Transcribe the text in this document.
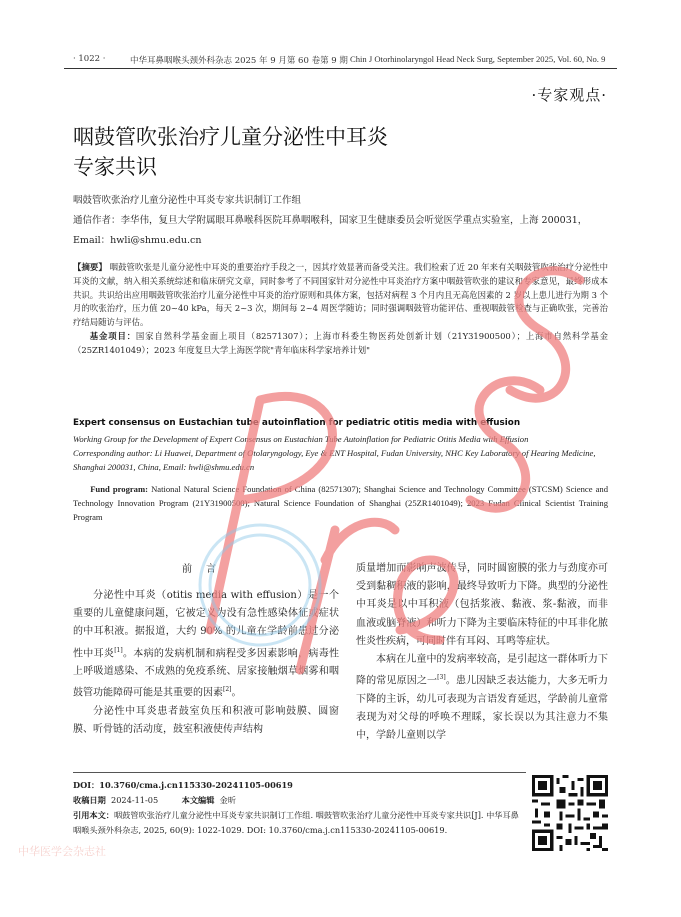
· 1022 ·	中华耳鼻咽喉头颈外科杂志 2025 年 9 月第 60 卷第 9 期 Chin J Otorhinolaryngol Head Neck Surg, September 2025, Vol. 60, No. 9
·专家观点·
咽鼓管吹张治疗儿童分泌性中耳炎
专家共识
咽鼓管吹张治疗儿童分泌性中耳炎专家共识制订工作组
通信作者：李华伟，复旦大学附属眼耳鼻喉科医院耳鼻咽喉科，国家卫生健康委员会听觉医学重点实验室，上海 200031，Email：hwli@shmu.edu.cn
【摘要】 咽鼓管吹张是儿童分泌性中耳炎的重要治疗手段之一，因其疗效显著而备受关注。我们检索了近 20 年来有关咽鼓管吹张治疗分泌性中耳炎的文献，纳入相关系统综述和临床研究文章，同时参考了不同国家针对分泌性中耳炎治疗方案中咽鼓管吹张的建议和专家意见，最终形成本共识。共识给出应用咽鼓管吹张治疗儿童分泌性中耳炎的治疗原则和具体方案，包括对病程 3 个月内且无高危因素的 2 岁以上患儿进行为期 3 个月的吹张治疗，压力值 20~40 kPa，每天 2~3 次，期间每 2~4 周医学随访；同时强调咽鼓管功能评估、重视咽鼓管检查与正确吹张，完善治疗结局随访与评估。
基金项目：国家自然科学基金面上项目（82571307）；上海市科委生物医药处创新计划（21Y31900500）；上海市自然科学基金（25ZR1401049）；2023 年度复旦大学上海医学院"青年临床科学家培养计划"
Expert consensus on Eustachian tube autoinflation for pediatric otitis media with effusion
Working Group for the Development of Expert Consensus on Eustachian Tube Autoinflation for Pediatric Otitis Media with Effusion
Corresponding author: Li Huawei, Department of Otolaryngology, Eye & ENT Hospital, Fudan University, NHC Key Laboratory of Hearing Medicine, Shanghai 200031, China, Email: hwli@shmu.edu.cn
Fund program: National Natural Science Foundation of China (82571307); Shanghai Science and Technology Committee (STCSM) Science and Technology Innovation Program (21Y31900500); Natural Science Foundation of Shanghai (25ZR1401049); 2023 Fudan Clinical Scientist Training Program
前言

分泌性中耳炎（otitis media with effusion）是一个重要的儿童健康问题，它被定义为没有急性感染体征或症状的中耳积液。据报道，大约 90% 的儿童在学龄前患过分泌性中耳炎[1]。本病的发病机制和病程受多因素影响，病毒性上呼吸道感染、不成熟的免疫系统、居家接触烟草烟雾和咽鼓管功能障碍可能是其重要的因素[2]。

分泌性中耳炎患者鼓室负压和积液可影响鼓膜、圆窗膜、听骨链的活动度，鼓室积液使传声结构

质量增加而影响声波传导，同时圆窗膜的张力与劲度亦可受到黏稠积液的影响，最终导致听力下降。典型的分泌性中耳炎是以中耳积液（包括浆液、黏液、浆-黏液，而非血液或脑脊液）和听力下降为主要临床特征的中耳非化脓性炎性疾病，可同时伴有耳闷、耳鸣等症状。

本病在儿童中的发病率较高，是引起这一群体听力下降的常见原因之一[3]。患儿因缺乏表达能力，大多无听力下降的主诉，幼儿可表现为言语发育延迟，学龄前儿童常表现为对父母的呼唤不理睬，家长误以为其注意力不集中，学龄儿童则以学

DOI：10.3760/cma.j.cn115330-20241105-00619
收稿日期 2024-11-05	本文编辑 金昕
引用本文：咽鼓管吹张治疗儿童分泌性中耳炎专家共识制订工作组. 咽鼓管吹张治疗儿童分泌性中耳炎专家共识[J]. 中华耳鼻咽喉头颈外科杂志, 2025, 60(9): 1022-1029. DOI: 10.3760/cma.j.cn115330-20241105-00619.
中华医学会杂志社
